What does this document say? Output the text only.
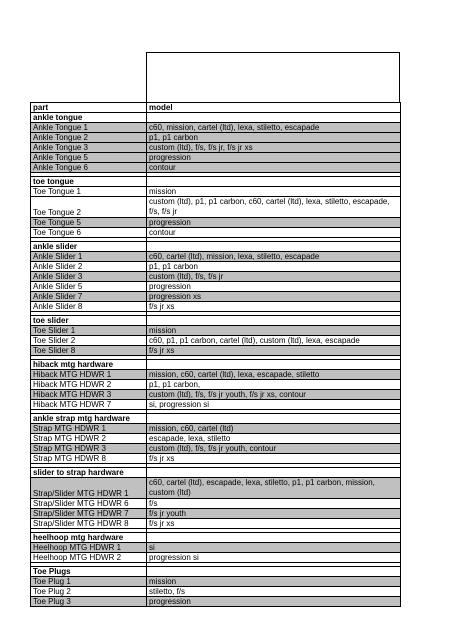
part	model
ankle tongue	
Ankle Tongue 1	c60, mission, cartel (ltd), lexa, stiletto, escapade
Ankle Tongue 2	p1, p1 carbon
Ankle Tongue 3	custom (ltd), f/s, f/s jr, f/s jr xs
Ankle Tongue 5	progression
Ankle Tongue 6	contour

toe tongue	
Toe Tongue 1	mission
Toe Tongue 2	custom (ltd), p1, p1 carbon, c60, cartel (ltd), lexa, stiletto, escapade, f/s, f/s jr
Toe Tongue 5	progression
Toe Tongue 6	contour

ankle slider	
Ankle Slider 1	c60, cartel (ltd), mission, lexa, stiletto, escapade
Ankle Slider 2	p1, p1 carbon
Ankle Slider 3	custom (ltd), f/s, f/s jr
Ankle Slider 5	progression
Ankle Slider 7	progression xs
Ankle Slider 8	f/s jr xs

toe slider	
Toe Slider 1	mission
Toe Slider 2	c60, p1, p1 carbon, cartel (ltd), custom (ltd), lexa, escapade
Toe Slider 8	f/s jr xs

hiback mtg hardware	
Hiback MTG HDWR 1	mission, c60, cartel (ltd), lexa, escapade, stiletto
Hiback MTG HDWR 2	p1, p1 carbon,
Hiback MTG HDWR 3	custom (ltd), f/s, f/s jr youth, f/s jr xs, contour
Hiback MTG HDWR 7	si, progression si

ankle strap mtg hardware	
Strap MTG HDWR 1	mission, c60, cartel (ltd)
Strap MTG HDWR 2	escapade, lexa, stiletto
Strap MTG HDWR 3	custom (ltd), f/s, f/s jr youth, contour
Strap MTG HDWR 8	f/s jr xs

slider to strap hardware	
Strap/Slider MTG HDWR 1	c60, cartel (ltd), escapade, lexa, stiletto, p1, p1 carbon, mission, custom (ltd)
Strap/Slider MTG HDWR 6	f/s
Strap/Slider MTG HDWR 7	f/s jr youth
Strap/Slider MTG HDWR 8	f/s jr xs

heelhoop mtg hardware	
Heelhoop MTG HDWR 1	si
Heelhoop MTG HDWR 2	progression si

Toe Plugs	
Toe Plug 1	mission
Toe Plug 2	stiletto, f/s
Toe Plug 3	progression
